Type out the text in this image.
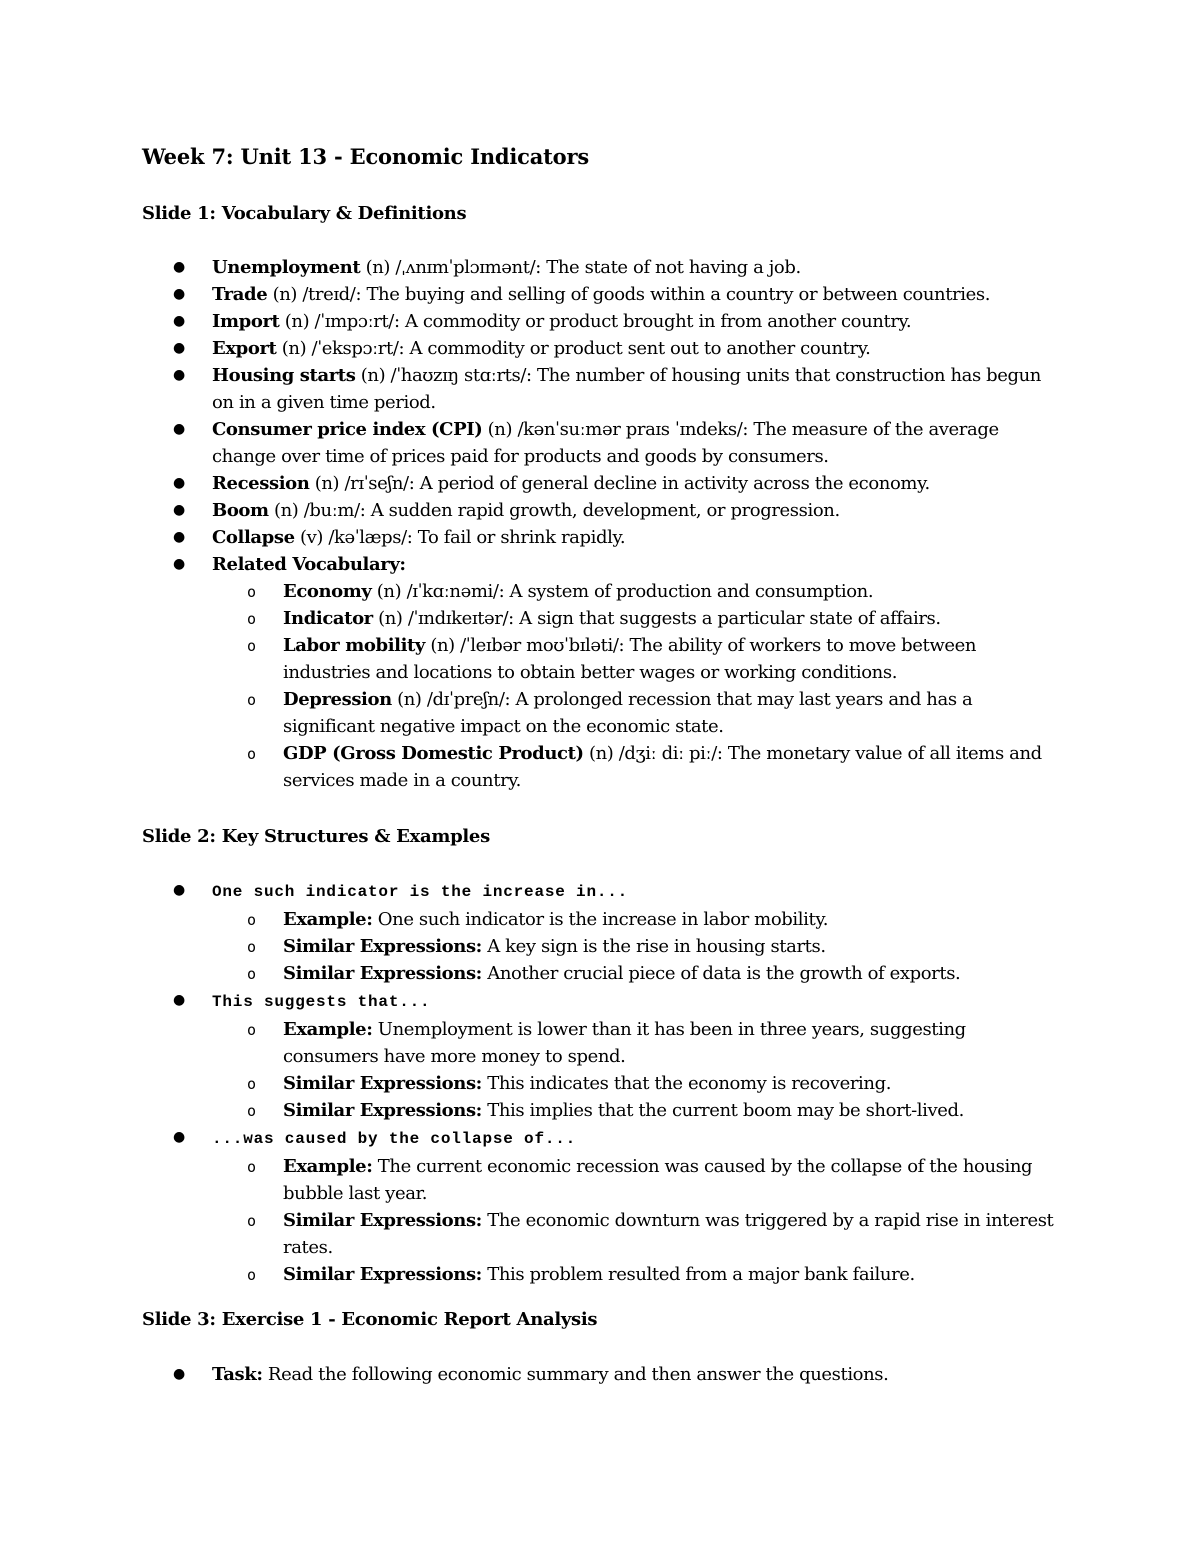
Week 7: Unit 13 - Economic Indicators
Slide 1: Vocabulary & Definitions
● Unemployment (n) /ˌʌnɪmˈplɔɪmənt/: The state of not having a job.
● Trade (n) /treɪd/: The buying and selling of goods within a country or between countries.
● Import (n) /ˈɪmpɔːrt/: A commodity or product brought in from another country.
● Export (n) /ˈekspɔːrt/: A commodity or product sent out to another country.
● Housing starts (n) /ˈhaʊzɪŋ stɑːrts/: The number of housing units that construction has begun on in a given time period.
● Consumer price index (CPI) (n) /kənˈsuːmər praɪs ˈɪndeks/: The measure of the average change over time of prices paid for products and goods by consumers.
● Recession (n) /rɪˈseʃn/: A period of general decline in activity across the economy.
● Boom (n) /buːm/: A sudden rapid growth, development, or progression.
● Collapse (v) /kəˈlæps/: To fail or shrink rapidly.
● Related Vocabulary:
o Economy (n) /ɪˈkɑːnəmi/: A system of production and consumption.
o Indicator (n) /ˈɪndɪkeɪtər/: A sign that suggests a particular state of affairs.
o Labor mobility (n) /ˈleɪbər moʊˈbɪləti/: The ability of workers to move between industries and locations to obtain better wages or working conditions.
o Depression (n) /dɪˈpreʃn/: A prolonged recession that may last years and has a significant negative impact on the economic state.
o GDP (Gross Domestic Product) (n) /dʒiː diː piː/: The monetary value of all items and services made in a country.
Slide 2: Key Structures & Examples
● One such indicator is the increase in...
o Example: One such indicator is the increase in labor mobility.
o Similar Expressions: A key sign is the rise in housing starts.
o Similar Expressions: Another crucial piece of data is the growth of exports.
● This suggests that...
o Example: Unemployment is lower than it has been in three years, suggesting consumers have more money to spend.
o Similar Expressions: This indicates that the economy is recovering.
o Similar Expressions: This implies that the current boom may be short-lived.
● ...was caused by the collapse of...
o Example: The current economic recession was caused by the collapse of the housing bubble last year.
o Similar Expressions: The economic downturn was triggered by a rapid rise in interest rates.
o Similar Expressions: This problem resulted from a major bank failure.
Slide 3: Exercise 1 - Economic Report Analysis
● Task: Read the following economic summary and then answer the questions.
